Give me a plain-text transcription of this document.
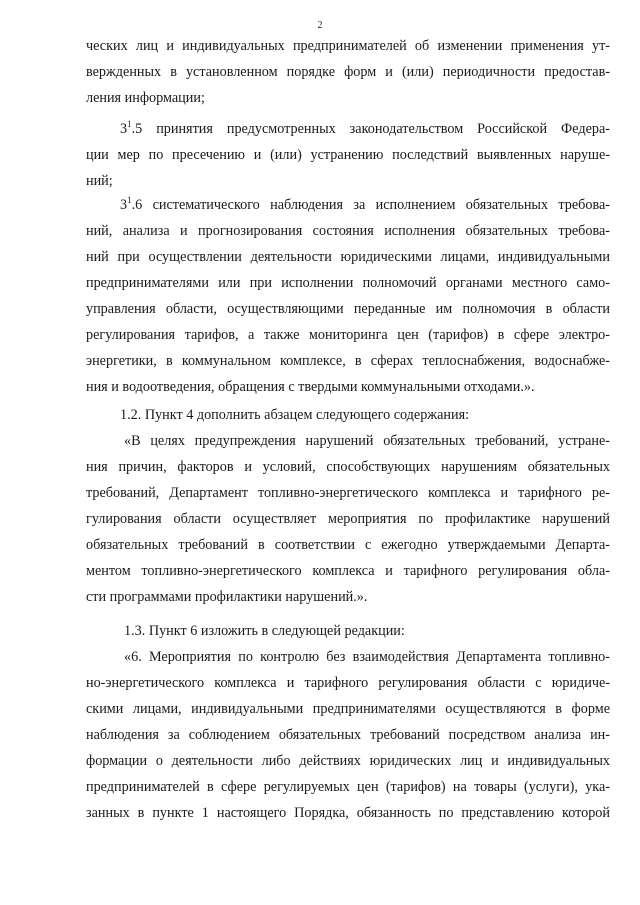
2
ческих лиц и индивидуальных предпринимателей об изменении применения ут-
вержденных в установленном порядке форм и (или) периодичности предостав-
ления информации;
$3^1.5$ принятия предусмотренных законодательством Российской Федера-
ции мер по пресечению и (или) устранению последствий выявленных наруше-
ний;
$3^1.6$ систематического наблюдения за исполнением обязательных требова-
ний, анализа и прогнозирования состояния исполнения обязательных требова-
ний при осуществлении деятельности юридическими лицами, индивидуальными
предпринимателями или при исполнении полномочий органами местного само-
управления области, осуществляющими переданные им полномочия в области
регулирования тарифов, а также мониторинга цен (тарифов) в сфере электро-
энергетики, в коммунальном комплексе, в сферах теплоснабжения, водоснабже-
ния и водоотведения, обращения с твердыми коммунальными отходами.».
1.2. Пункт 4 дополнить абзацем следующего содержания:
«В целях предупреждения нарушений обязательных требований, устране-
ния причин, факторов и условий, способствующих нарушениям обязательных
требований, Департамент топливно-энергетического комплекса и тарифного ре-
гулирования области осуществляет мероприятия по профилактике нарушений
обязательных требований в соответствии с ежегодно утверждаемыми Департа-
ментом топливно-энергетического комплекса и тарифного регулирования обла-
сти программами профилактики нарушений.».
1.3. Пункт 6 изложить в следующей редакции:
«6. Мероприятия по контролю без взаимодействия Департамента топливно-
но-энергетического комплекса и тарифного регулирования области с юридиче-
скими лицами, индивидуальными предпринимателями осуществляются в форме
наблюдения за соблюдением обязательных требований посредством анализа ин-
формации о деятельности либо действиях юридических лиц и индивидуальных
предпринимателей в сфере регулируемых цен (тарифов) на товары (услуги), ука-
занных в пункте 1 настоящего Порядка, обязанность по представлению которой
